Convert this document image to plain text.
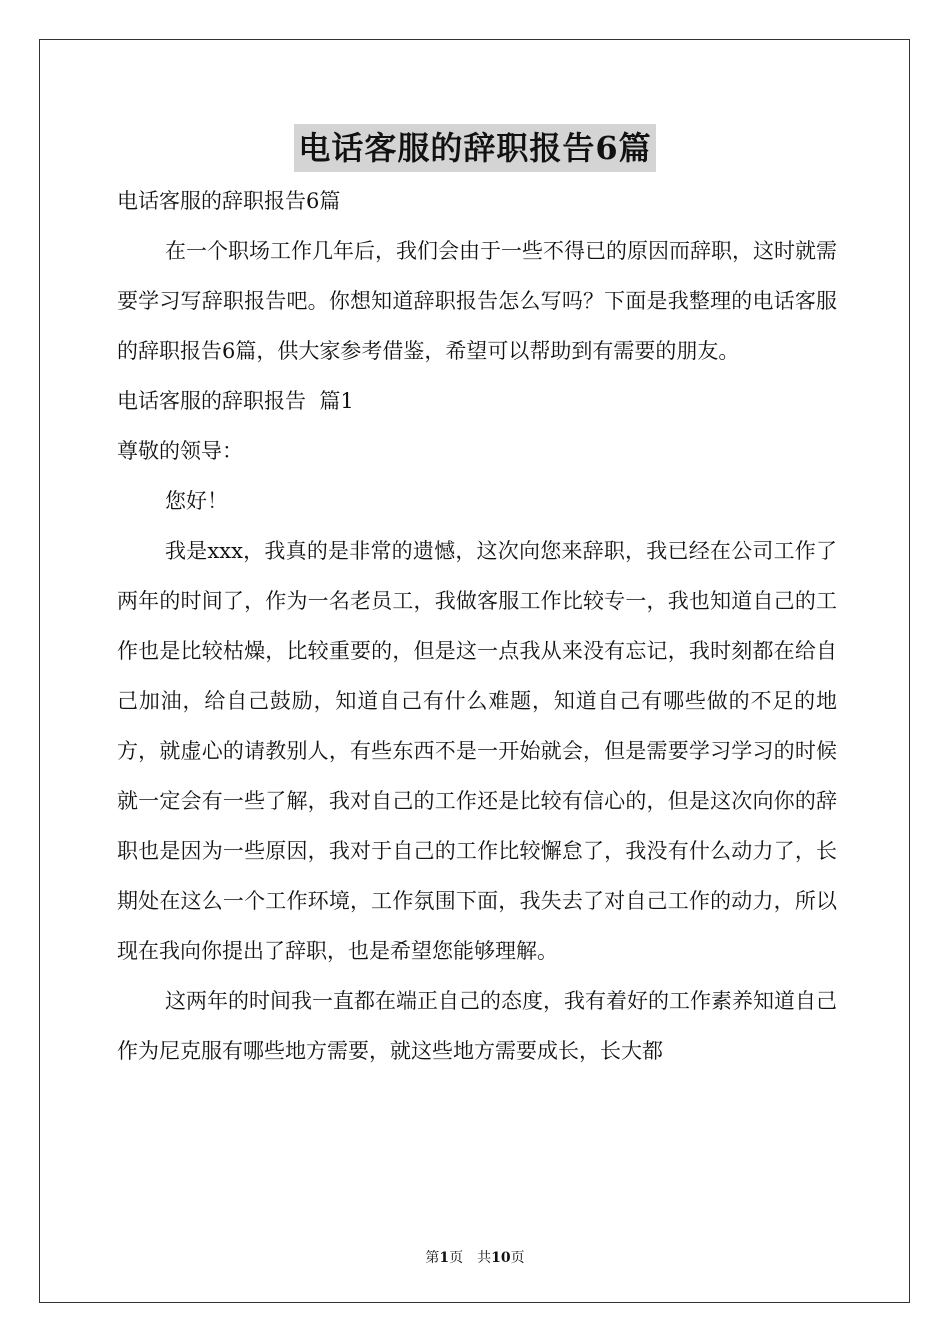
电话客服的辞职报告6篇

电话客服的辞职报告6篇

在一个职场工作几年后，我们会由于一些不得已的原因而辞职，这时就需要学习写辞职报告吧。你想知道辞职报告怎么写吗？下面是我整理的电话客服的辞职报告6篇，供大家参考借鉴，希望可以帮助到有需要的朋友。

电话客服的辞职报告  篇1

尊敬的领导：

您好！

我是xxx，我真的是非常的遗憾，这次向您来辞职，我已经在公司工作了两年的时间了，作为一名老员工，我做客服工作比较专一，我也知道自己的工作也是比较枯燥，比较重要的，但是这一点我从来没有忘记，我时刻都在给自己加油，给自己鼓励，知道自己有什么难题，知道自己有哪些做的不足的地方，就虚心的请教别人，有些东西不是一开始就会，但是需要学习学习的时候就一定会有一些了解，我对自己的工作还是比较有信心的，但是这次向你的辞职也是因为一些原因，我对于自己的工作比较懈怠了，我没有什么动力了，长期处在这么一个工作环境，工作氛围下面，我失去了对自己工作的动力，所以现在我向你提出了辞职，也是希望您能够理解。

这两年的时间我一直都在端正自己的态度，我有着好的工作素养知道自己作为尼克服有哪些地方需要，就这些地方需要成长，长大都

第1页 共10页
